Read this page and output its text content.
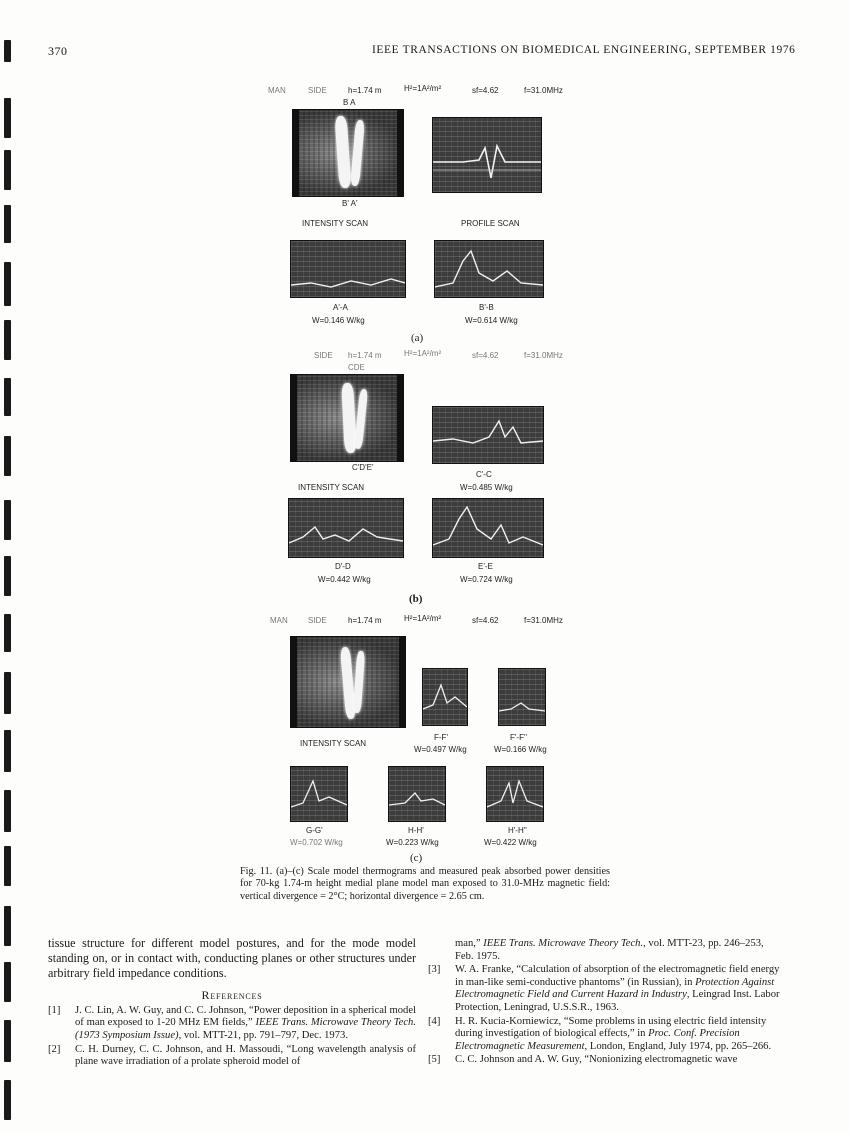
370	IEEE TRANSACTIONS ON BIOMEDICAL ENGINEERING, SEPTEMBER 1976
MAN	SIDE	h=1.74 m	H²=1A²/m²	sf=4.62	f=31.0MHz
B A
B' A'
INTENSITY SCAN	PROFILE SCAN
A'-A
W=0.146 W/kg
B'-B
W=0.614 W/kg
(a)
SIDE h=1.74 m	H²=1A²/m²	sf=4.62	f=31.0MHz
CDE
C'D'E'
C'-C
W=0.485 W/kg
INTENSITY SCAN
D'-D
W=0.442 W/kg
E'-E
W=0.724 W/kg
(b)
MAN	SIDE	h=1.74 m	H²=1A²/m²	sf=4.62	f=31.0MHz
INTENSITY SCAN
F-F'
W=0.497 W/kg
F'-F''
W=0.166 W/kg
G-G'
W=0.702 W/kg
H-H'
W=0.223 W/kg
H'-H''
W=0.422 W/kg
(c)

Fig. 11. (a)–(c) Scale model thermograms and measured peak absorbed power densities for 70-kg 1.74-m height medial plane model man exposed to 31.0-MHz magnetic field: vertical divergence = 2°C; horizontal divergence = 2.65 cm.

tissue structure for different model postures, and for the mode model standing on, or in contact with, conducting planes or other structures under arbitrary field impedance conditions.

References

[1] J. C. Lin, A. W. Guy, and C. C. Johnson, “Power deposition in a spherical model of man exposed to 1-20 MHz EM fields,” IEEE Trans. Microwave Theory Tech. (1973 Symposium Issue), vol. MTT-21, pp. 791–797, Dec. 1973.
[2] C. H. Durney, C. C. Johnson, and H. Massoudi, “Long wavelength analysis of plane wave irradiation of a prolate spheroid model of
man,” IEEE Trans. Microwave Theory Tech., vol. MTT-23, pp. 246–253, Feb. 1975.
[3] W. A. Franke, “Calculation of absorption of the electromagnetic field energy in man-like semi-conductive phantoms” (in Russian), in Protection Against Electromagnetic Field and Current Hazard in Industry, Leingrad Inst. Labor Protection, Leningrad, U.S.S.R., 1963.
[4] H. R. Kucia-Korniewicz, “Some problems in using electric field intensity during investigation of biological effects,” in Proc. Conf. Precision Electromagnetic Measurement, London, England, July 1974, pp. 265–266.
[5] C. C. Johnson and A. W. Guy, “Nonionizing electromagnetic wave
